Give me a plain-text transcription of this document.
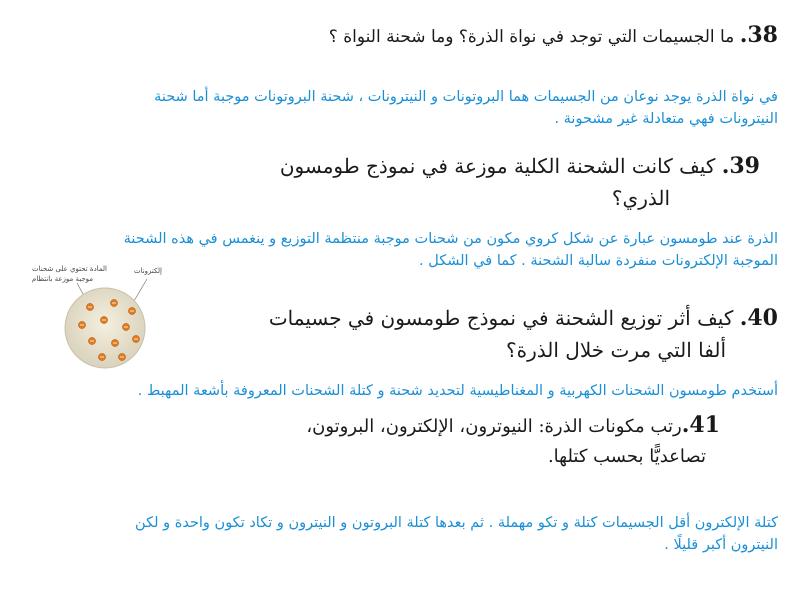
38. ما الجسيمات التي توجد في نواة الذرة؟ وما شحنة النواة ؟
في نواة الذرة يوجد نوعان من الجسيمات هما البروتونات و النيترونات ، شحنة البروتونات موجبة أما شحنة
النيترونات فهي متعادلة غير مشحونة .
39. كيف كانت الشحنة الكلية موزعة في نموذج طومسون
الذري؟
الذرة عند طومسون عبارة عن شكل كروي مكون من شحنات موجبة منتظمة التوزيع و ينغمس في هذه الشحنة
الموجبة الإلكترونات منفردة سالبة الشحنة . كما في الشكل .
المادة تحتوي على شحنات
موجبة موزعة بانتظام
إلكترونات
40. كيف أثر توزيع الشحنة في نموذج طومسون في جسيمات
ألفا التي مرت خلال الذرة؟
أستخدم طومسون الشحنات الكهربية و المغناطيسية لتحديد شحنة و كتلة الشحنات المعروفة بأشعة المهبط .
41.رتب مكونات الذرة: النيوترون، الإلكترون، البروتون،
تصاعديًّا بحسب كتلها.
كتلة الإلكترون أقل الجسيمات كتلة و تكو مهملة . ثم بعدها كتلة البروتون و النيترون و تكاد تكون واحدة و لكن
النيترون أكبر قليلًا .
